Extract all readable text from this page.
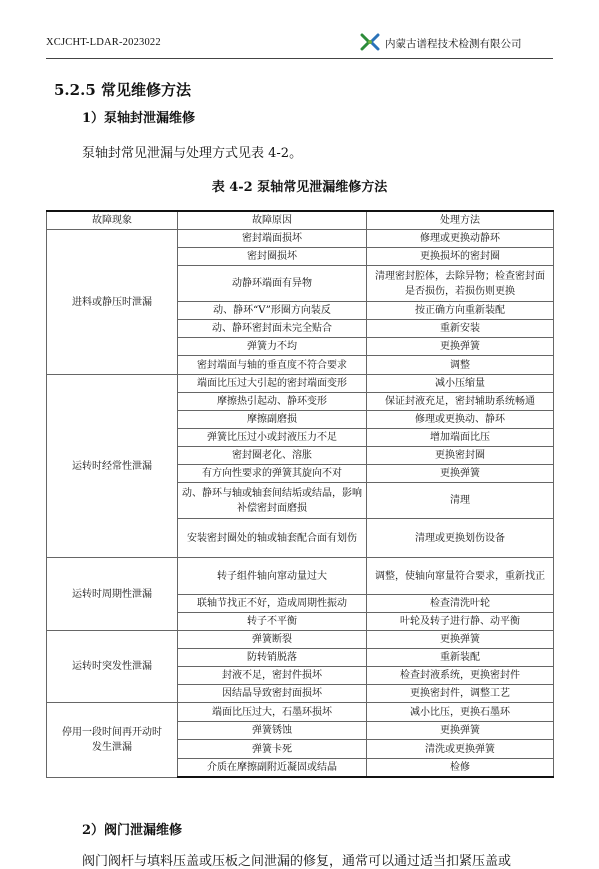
XCJCHT-LDAR-2023022	内蒙古谱程技术检测有限公司
5.2.5 常见维修方法
1）泵轴封泄漏维修
泵轴封常见泄漏与处理方式见表 4-2。
表 4-2 泵轴常见泄漏维修方法
故障现象	故障原因	处理方法
进料或静压时泄漏	密封端面损坏	修理或更换动静环
	密封圈损坏	更换损坏的密封圈
	动静环端面有异物	清理密封腔体，去除异物；检查密封面是否损伤，若损伤则更换
	动、静环“V”形圈方向装反	按正确方向重新装配
	动、静环密封面未完全贴合	重新安装
	弹簧力不均	更换弹簧
	密封端面与轴的垂直度不符合要求	调整
运转时经常性泄漏	端面比压过大引起的密封端面变形	减小压缩量
	摩擦热引起动、静环变形	保证封液充足，密封辅助系统畅通
	摩擦副磨损	修理或更换动、静环
	弹簧比压过小或封液压力不足	增加端面比压
	密封圈老化、溶胀	更换密封圈
	有方向性要求的弹簧其旋向不对	更换弹簧
	动、静环与轴或轴套间结垢或结晶，影响补偿密封面磨损	清理
	安装密封圈处的轴或轴套配合面有划伤	清理或更换划伤设备
运转时周期性泄漏	转子组件轴向窜动量过大	调整，使轴向窜量符合要求，重新找正
	联轴节找正不好，造成周期性振动	检查清洗叶轮
	转子不平衡	叶轮及转子进行静、动平衡
运转时突发性泄漏	弹簧断裂	更换弹簧
	防转销脱落	重新装配
	封液不足，密封件损坏	检查封液系统，更换密封件
	因结晶导致密封面损坏	更换密封件，调整工艺
停用一段时间再开动时发生泄漏	端面比压过大，石墨环损坏	减小比压，更换石墨环
	弹簧锈蚀	更换弹簧
	弹簧卡死	清洗或更换弹簧
	介质在摩擦副附近凝固或结晶	检修
2）阀门泄漏维修
阀门阀杆与填料压盖或压板之间泄漏的修复，通常可以通过适当扣紧压盖或
